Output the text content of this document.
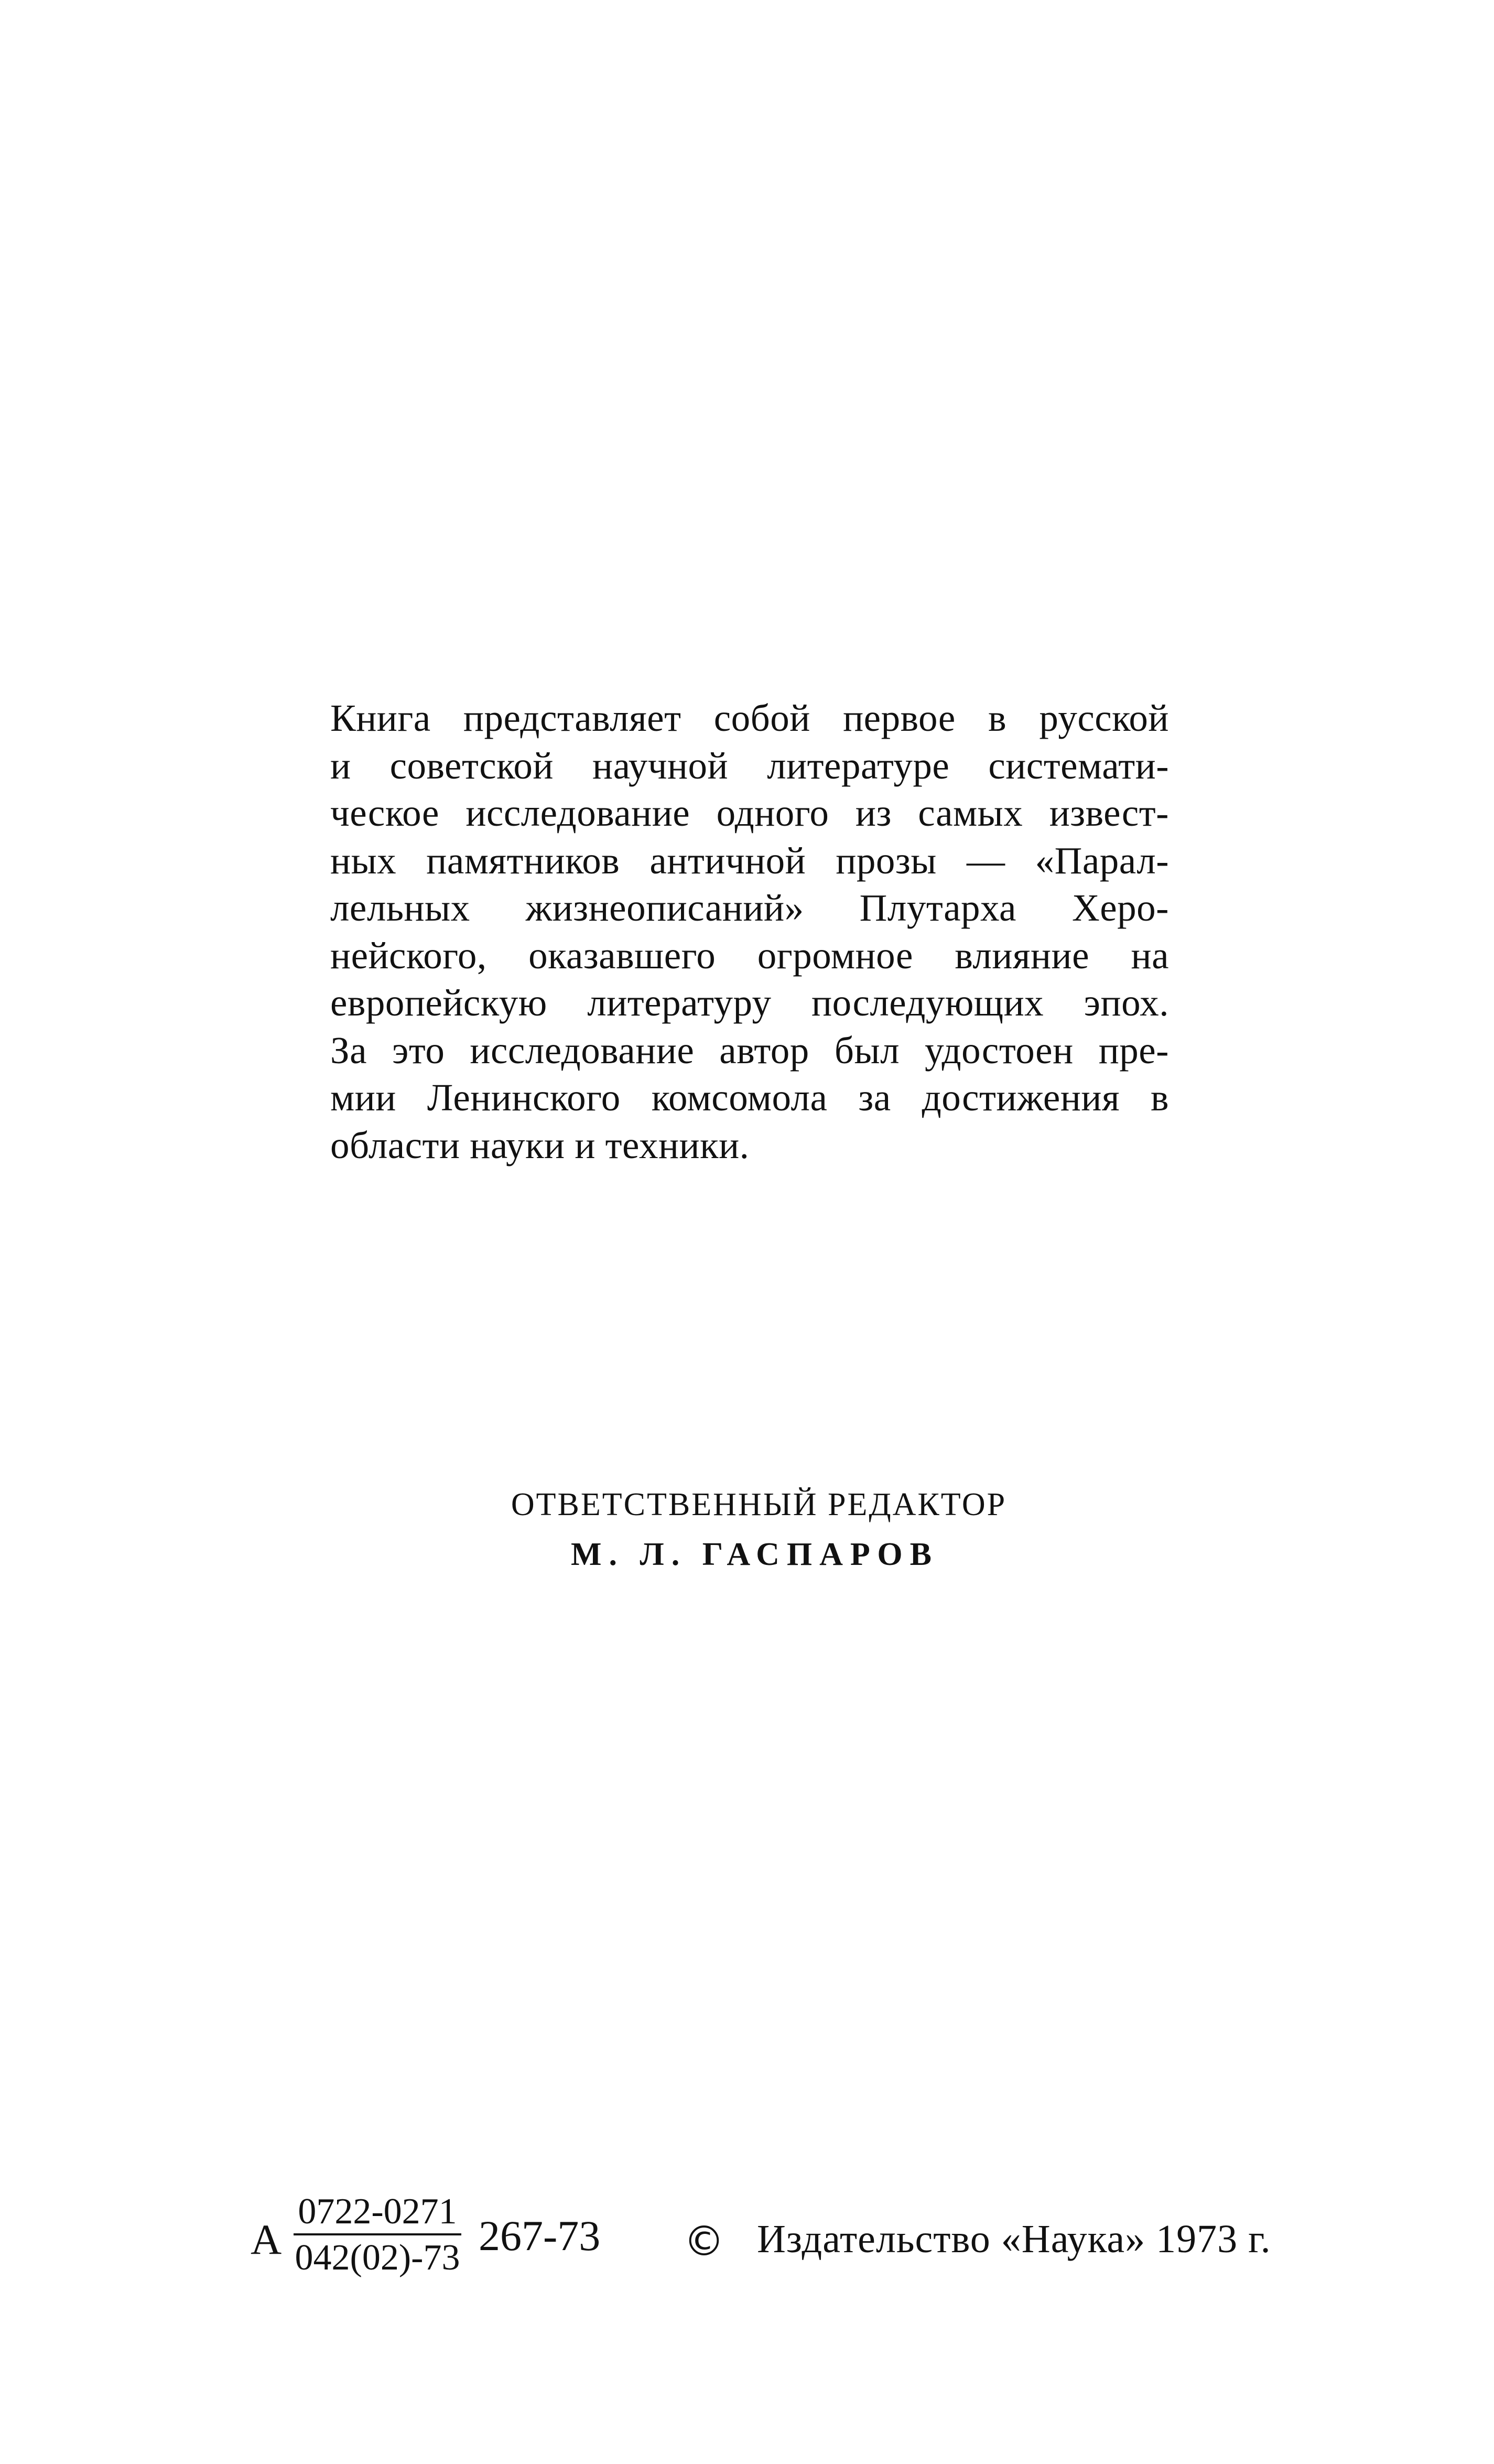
Книга представляет собой первое в русской
и советской научной литературе системати-
ческое исследование одного из самых извест-
ных памятников античной прозы — «Парал-
лельных жизнеописаний» Плутарха Херо-
нейского, оказавшего огромное влияние на
европейскую литературу последующих эпох.
За это исследование автор был удостоен пре-
мии Ленинского комсомола за достижения в
области науки и техники.
ОТВЕТСТВЕННЫЙ РЕДАКТОР
М. Л. ГАСПАРОВ
А
0722-0271
042(02)-73 267-73 © Издательство «Наука» 1973 г.
